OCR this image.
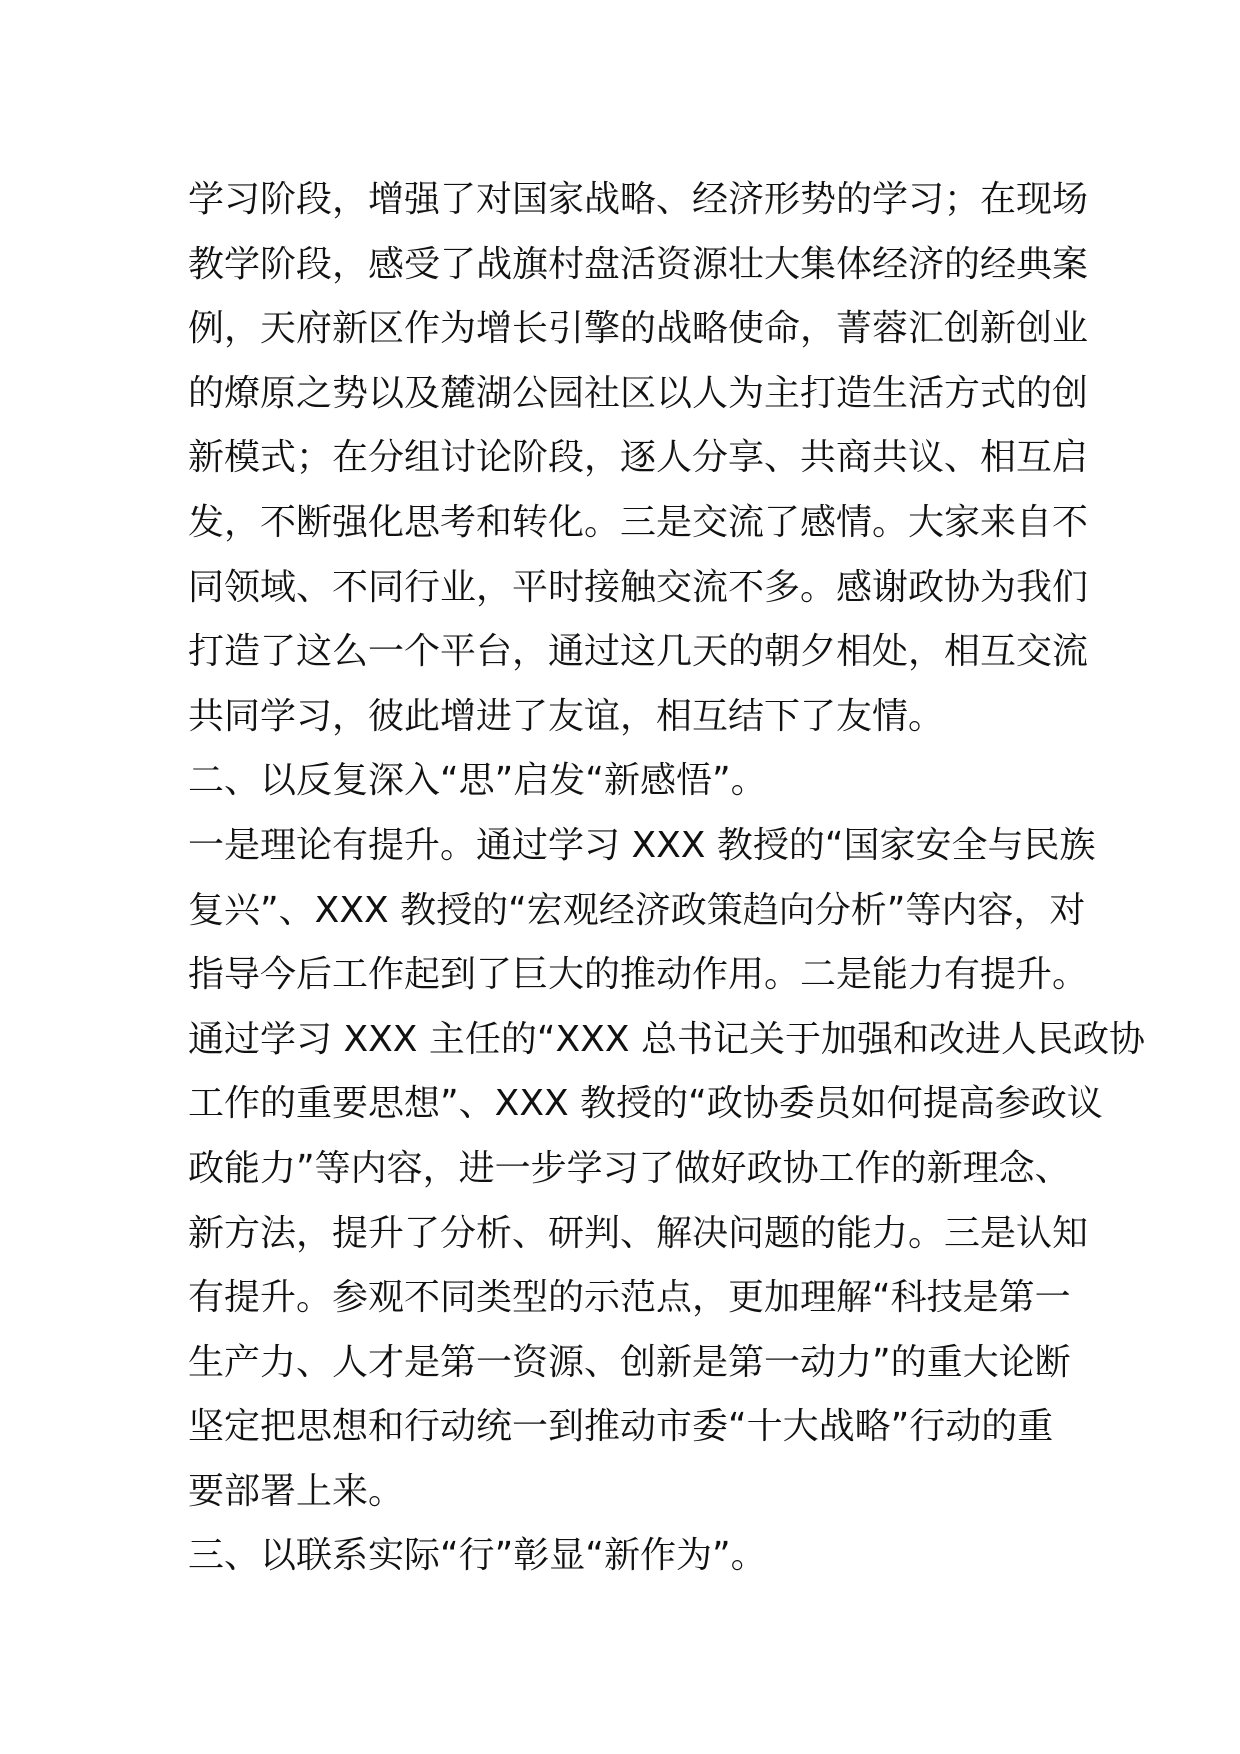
学习阶段，增强了对国家战略、经济形势的学习；在现场
教学阶段，感受了战旗村盘活资源壮大集体经济的经典案
例，天府新区作为增长引擎的战略使命，菁蓉汇创新创业
的燎原之势以及麓湖公园社区以人为主打造生活方式的创
新模式；在分组讨论阶段，逐人分享、共商共议、相互启
发，不断强化思考和转化。三是交流了感情。大家来自不
同领域、不同行业，平时接触交流不多。感谢政协为我们
打造了这么一个平台，通过这几天的朝夕相处，相互交流
共同学习，彼此增进了友谊，相互结下了友情。
二、以反复深入“思”启发“新感悟”。
一是理论有提升。通过学习 XXX 教授的“国家安全与民族
复兴”、XXX 教授的“宏观经济政策趋向分析”等内容，对
指导今后工作起到了巨大的推动作用。二是能力有提升。
通过学习 XXX 主任的“XXX 总书记关于加强和改进人民政协
工作的重要思想”、XXX 教授的“政协委员如何提高参政议
政能力”等内容，进一步学习了做好政协工作的新理念、
新方法，提升了分析、研判、解决问题的能力。三是认知
有提升。参观不同类型的示范点，更加理解“科技是第一
生产力、人才是第一资源、创新是第一动力”的重大论断
坚定把思想和行动统一到推动市委“十大战略”行动的重
要部署上来。
三、以联系实际“行”彰显“新作为”。
